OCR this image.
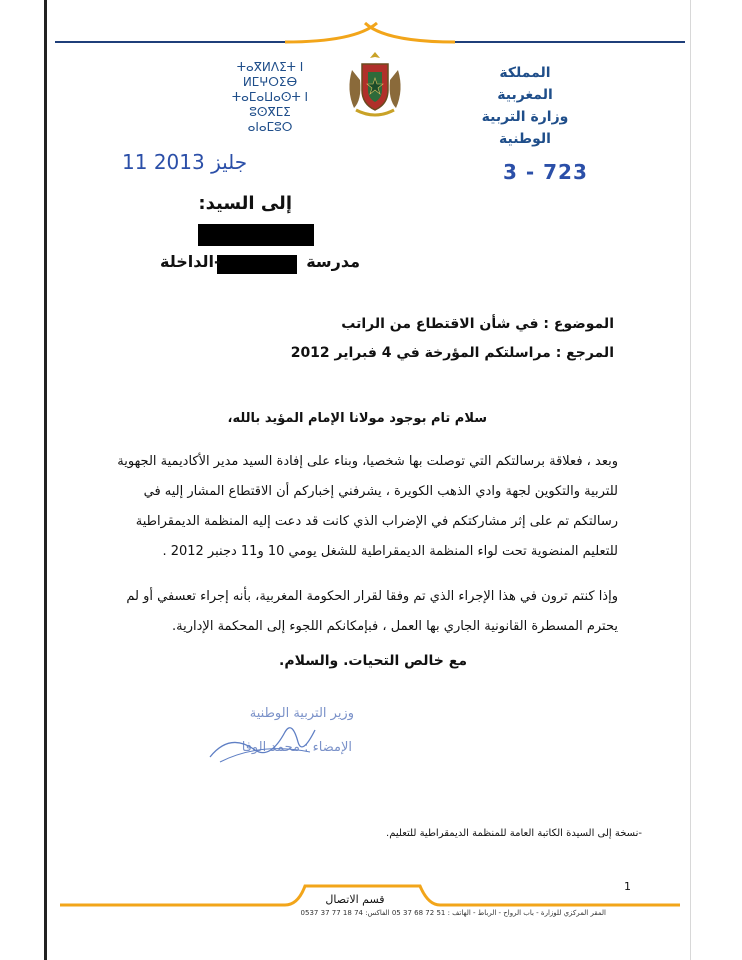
ⵜⴰⴳⵍⴷⵉⵜ ⵏ ⵍⵎⵖⵔⵉⴱ
ⵜⴰⵎⴰⵡⴰⵙⵜ ⵏ ⵓⵙⴳⵎⵉ
ⴰⵏⴰⵎⵓⵔ
المملكة المغربية
وزارة التربية الوطنية
11 جليز 2013	3 - 723
إلى السيد:
مدرسة
-الداخلة
الموضوع : في شأن الاقتطاع من الراتب
المرجع : مراسلتكم المؤرخة في 4 فبراير 2012
سلام تام بوجود مولانا الإمام المؤيد بالله،
وبعد ، فعلاقة برسالتكم التي توصلت بها شخصيا، وبناء على إفادة السيد مدير الأكاديمية الجهوية للتربية والتكوين لجهة وادي الذهب الكويرة ، يشرفني إخباركم أن الاقتطاع المشار إليه في رسالتكم تم على إثر مشاركتكم في الإضراب الذي كانت قد دعت إليه المنظمة الديمقراطية للتعليم المنضوية تحت لواء المنظمة الديمقراطية للشغل يومي 10 و11 دجنبر 2012 .
وإذا كنتم ترون في هذا الإجراء الذي تم وفقا لقرار الحكومة المغربية، بأنه إجراء تعسفي أو لم يحترم المسطرة القانونية الجاري بها العمل ، فبإمكانكم اللجوء إلى المحكمة الإدارية.
مع خالص التحيات. والسلام.
وزير التربية الوطنية
الإمضاء : محمد الوفا
-نسخة إلى السيدة الكاتبة العامة للمنظمة الديمقراطية للتعليم.
1
قسم الاتصال
المقر المركزي للوزارة - باب الرواح - الرباط - الهاتف : 51 72 68 37 05 الفاكس: 74 18 77 37 0537
